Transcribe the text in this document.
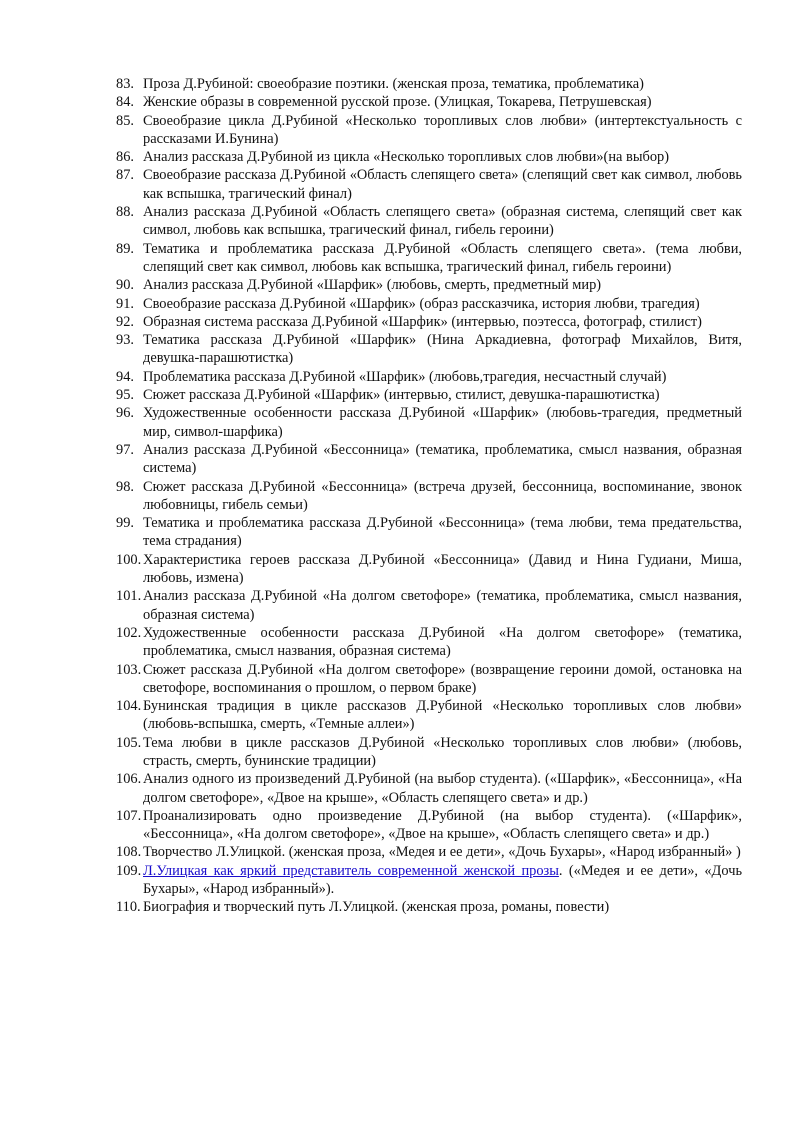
83. Проза Д.Рубиной: своеобразие поэтики. (женская проза, тематика, проблематика)
84. Женские образы в современной русской прозе. (Улицкая, Токарева, Петрушевская)
85. Своеобразие цикла Д.Рубиной «Несколько торопливых слов любви» (интертекстуальность с рассказами И.Бунина)
86. Анализ рассказа Д.Рубиной из цикла «Несколько торопливых слов любви»(на выбор)
87. Своеобразие рассказа Д.Рубиной «Область слепящего света» (слепящий свет как символ, любовь как вспышка, трагический финал)
88. Анализ рассказа Д.Рубиной «Область слепящего света» (образная система, слепящий свет как символ, любовь как вспышка, трагический финал, гибель героини)
89. Тематика и проблематика рассказа Д.Рубиной «Область слепящего света». (тема любви, слепящий свет как символ, любовь как вспышка, трагический финал, гибель героини)
90. Анализ рассказа Д.Рубиной «Шарфик» (любовь, смерть, предметный мир)
91. Своеобразие рассказа Д.Рубиной «Шарфик» (образ рассказчика, история любви, трагедия)
92. Образная система рассказа Д.Рубиной «Шарфик» (интервью, поэтесса, фотограф, стилист)
93. Тематика рассказа Д.Рубиной «Шарфик» (Нина Аркадиевна, фотограф Михайлов, Витя, девушка-парашютистка)
94. Проблематика рассказа Д.Рубиной «Шарфик» (любовь,трагедия, несчастный случай)
95. Сюжет рассказа Д.Рубиной «Шарфик» (интервью, стилист, девушка-парашютистка)
96. Художественные особенности рассказа Д.Рубиной «Шарфик» (любовь-трагедия, предметный мир, символ-шарфика)
97. Анализ рассказа Д.Рубиной «Бессонница» (тематика, проблематика, смысл названия, образная система)
98. Сюжет рассказа Д.Рубиной «Бессонница» (встреча друзей, бессонница, воспоминание, звонок любовницы, гибель семьи)
99. Тематика и проблематика рассказа Д.Рубиной «Бессонница» (тема любви, тема предательства, тема страдания)
100. Характеристика героев рассказа Д.Рубиной «Бессонница» (Давид и Нина Гудиани, Миша, любовь, измена)
101. Анализ рассказа Д.Рубиной «На долгом светофоре» (тематика, проблематика, смысл названия, образная система)
102. Художественные особенности рассказа Д.Рубиной «На долгом светофоре» (тематика, проблематика, смысл названия, образная система)
103. Сюжет рассказа Д.Рубиной «На долгом светофоре» (возвращение героини домой, остановка на светофоре, воспоминания о прошлом, о первом браке)
104. Бунинская традиция в цикле рассказов Д.Рубиной «Несколько торопливых слов любви» (любовь-вспышка, смерть, «Темные аллеи»)
105. Тема любви в цикле рассказов Д.Рубиной «Несколько торопливых слов любви» (любовь, страсть, смерть, бунинские традиции)
106. Анализ одного из произведений Д.Рубиной (на выбор студента). («Шарфик», «Бессонница», «На долгом светофоре», «Двое на крыше», «Область слепящего света» и др.)
107. Проанализировать одно произведение Д.Рубиной (на выбор студента). («Шарфик», «Бессонница», «На долгом светофоре», «Двое на крыше», «Область слепящего света» и др.)
108. Творчество Л.Улицкой. (женская проза, «Медея и ее дети», «Дочь Бухары», «Народ избранный» )
109. Л.Улицкая как яркий представитель современной женской прозы. («Медея и ее дети», «Дочь Бухары», «Народ избранный»).
110. Биография и творческий путь Л.Улицкой. (женская проза, романы, повести)
